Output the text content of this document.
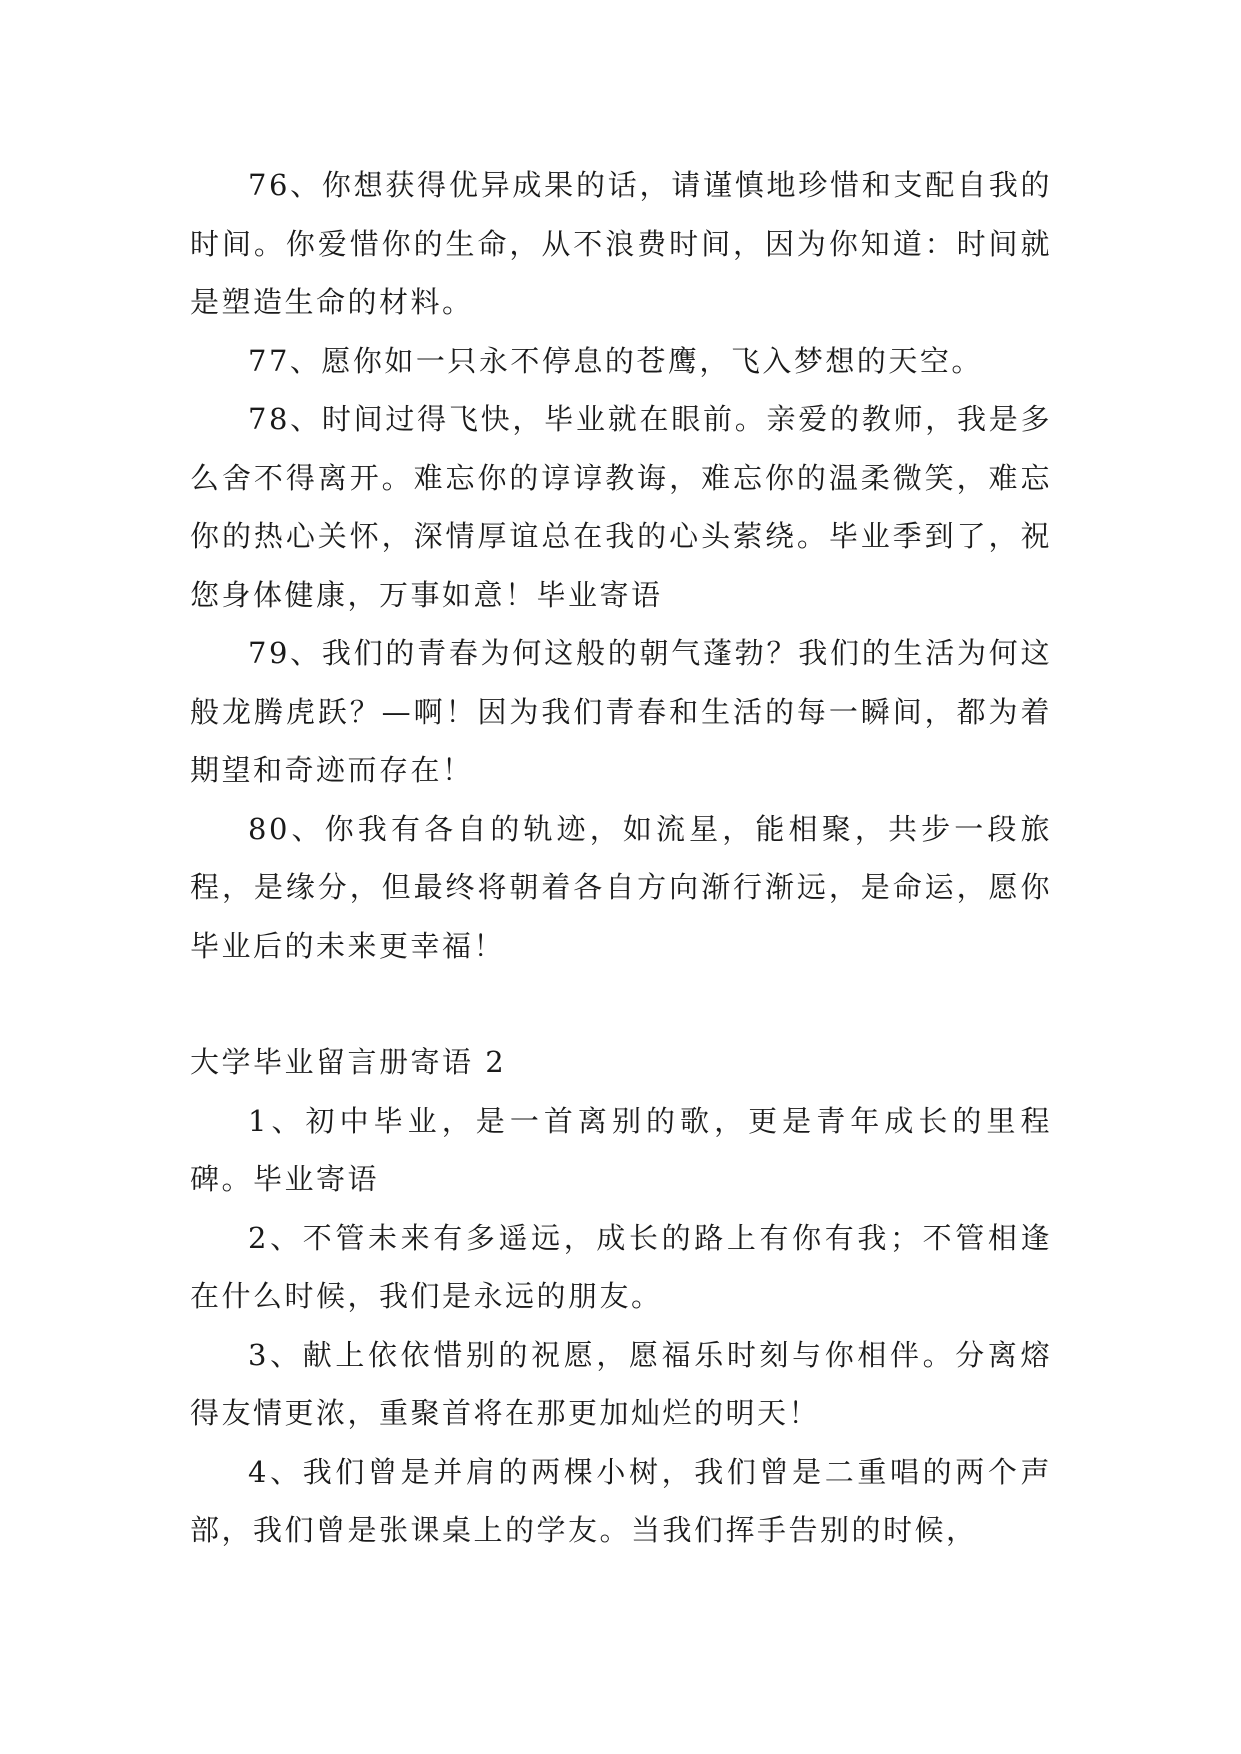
76、你想获得优异成果的话，请谨慎地珍惜和支配自我的时间。你爱惜你的生命，从不浪费时间，因为你知道：时间就是塑造生命的材料。

77、愿你如一只永不停息的苍鹰，飞入梦想的天空。

78、时间过得飞快，毕业就在眼前。亲爱的教师，我是多么舍不得离开。难忘你的谆谆教诲，难忘你的温柔微笑，难忘你的热心关怀，深情厚谊总在我的心头萦绕。毕业季到了，祝您身体健康，万事如意！毕业寄语

79、我们的青春为何这般的朝气蓬勃？我们的生活为何这般龙腾虎跃？—啊！因为我们青春和生活的每一瞬间，都为着期望和奇迹而存在！

80、你我有各自的轨迹，如流星，能相聚，共步一段旅程，是缘分，但最终将朝着各自方向渐行渐远，是命运，愿你毕业后的未来更幸福！

大学毕业留言册寄语 2

1、初中毕业，是一首离别的歌，更是青年成长的里程碑。毕业寄语

2、不管未来有多遥远，成长的路上有你有我；不管相逢在什么时候，我们是永远的朋友。

3、献上依依惜别的祝愿，愿福乐时刻与你相伴。分离熔得友情更浓，重聚首将在那更加灿烂的明天！

4、我们曾是并肩的两棵小树，我们曾是二重唱的两个声部，我们曾是张课桌上的学友。当我们挥手告别的时候，
